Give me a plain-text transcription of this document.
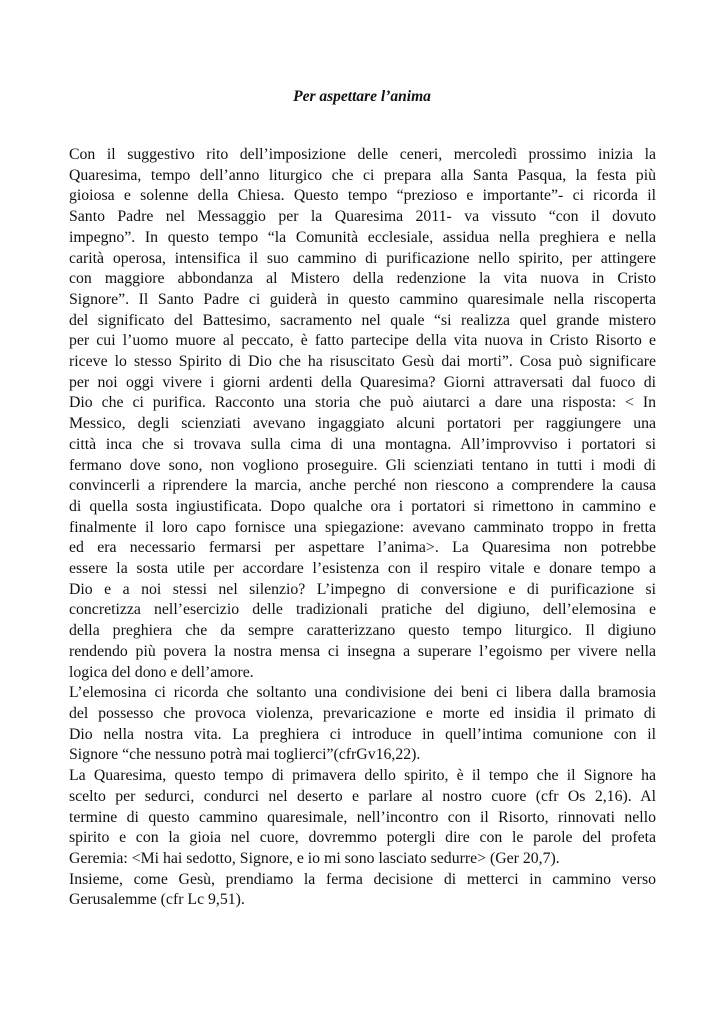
Per aspettare l’anima
Con il suggestivo rito dell’imposizione delle ceneri, mercoledì prossimo inizia la
Quaresima, tempo dell’anno liturgico che ci prepara alla Santa Pasqua, la festa più
gioiosa e solenne della Chiesa. Questo tempo “prezioso e importante”- ci ricorda il
Santo Padre nel Messaggio per la Quaresima 2011- va vissuto “con il dovuto
impegno”. In questo tempo “la Comunità ecclesiale, assidua nella preghiera e nella
carità operosa, intensifica il suo cammino di purificazione nello spirito, per attingere
con maggiore abbondanza al Mistero della redenzione la vita nuova in Cristo
Signore”. Il Santo Padre ci guiderà in questo cammino quaresimale nella riscoperta
del significato del Battesimo, sacramento nel quale “si realizza quel grande mistero
per cui l’uomo muore al peccato, è fatto partecipe della vita nuova in Cristo Risorto e
riceve lo stesso Spirito di Dio che ha risuscitato Gesù dai morti”. Cosa può significare
per noi oggi vivere i giorni ardenti della Quaresima? Giorni attraversati dal fuoco di
Dio che ci purifica. Racconto una storia che può aiutarci a dare una risposta: < In
Messico, degli scienziati avevano ingaggiato alcuni portatori per raggiungere una
città inca che si trovava sulla cima di una montagna. All’improvviso i portatori si
fermano dove sono, non vogliono proseguire. Gli scienziati tentano in tutti i modi di
convincerli a riprendere la marcia, anche perché non riescono a comprendere la causa
di quella sosta ingiustificata. Dopo qualche ora i portatori si rimettono in cammino e
finalmente il loro capo fornisce una spiegazione: avevano camminato troppo in fretta
ed era necessario fermarsi per aspettare l’anima>. La Quaresima non potrebbe
essere la sosta utile per accordare l’esistenza con il respiro vitale e donare tempo a
Dio e a noi stessi nel silenzio? L’impegno di conversione e di purificazione si
concretizza nell’esercizio delle tradizionali pratiche del digiuno, dell’elemosina e
della preghiera che da sempre caratterizzano questo tempo liturgico. Il digiuno
rendendo più povera la nostra mensa ci insegna a superare l’egoismo per vivere nella
logica del dono e dell’amore.
L’elemosina ci ricorda che soltanto una condivisione dei beni ci libera dalla bramosia
del possesso che provoca violenza, prevaricazione e morte ed insidia il primato di
Dio nella nostra vita. La preghiera ci introduce in quell’intima comunione con il
Signore “che nessuno potrà mai toglierci”(cfrGv16,22).
La Quaresima, questo tempo di primavera dello spirito, è il tempo che il Signore ha
scelto per sedurci, condurci nel deserto e parlare al nostro cuore (cfr Os 2,16). Al
termine di questo cammino quaresimale, nell’incontro con il Risorto, rinnovati nello
spirito e con la gioia nel cuore, dovremmo potergli dire con le parole del profeta
Geremia: <Mi hai sedotto, Signore, e io mi sono lasciato sedurre> (Ger 20,7).
Insieme, come Gesù, prendiamo la ferma decisione di metterci in cammino verso
Gerusalemme (cfr Lc 9,51).
